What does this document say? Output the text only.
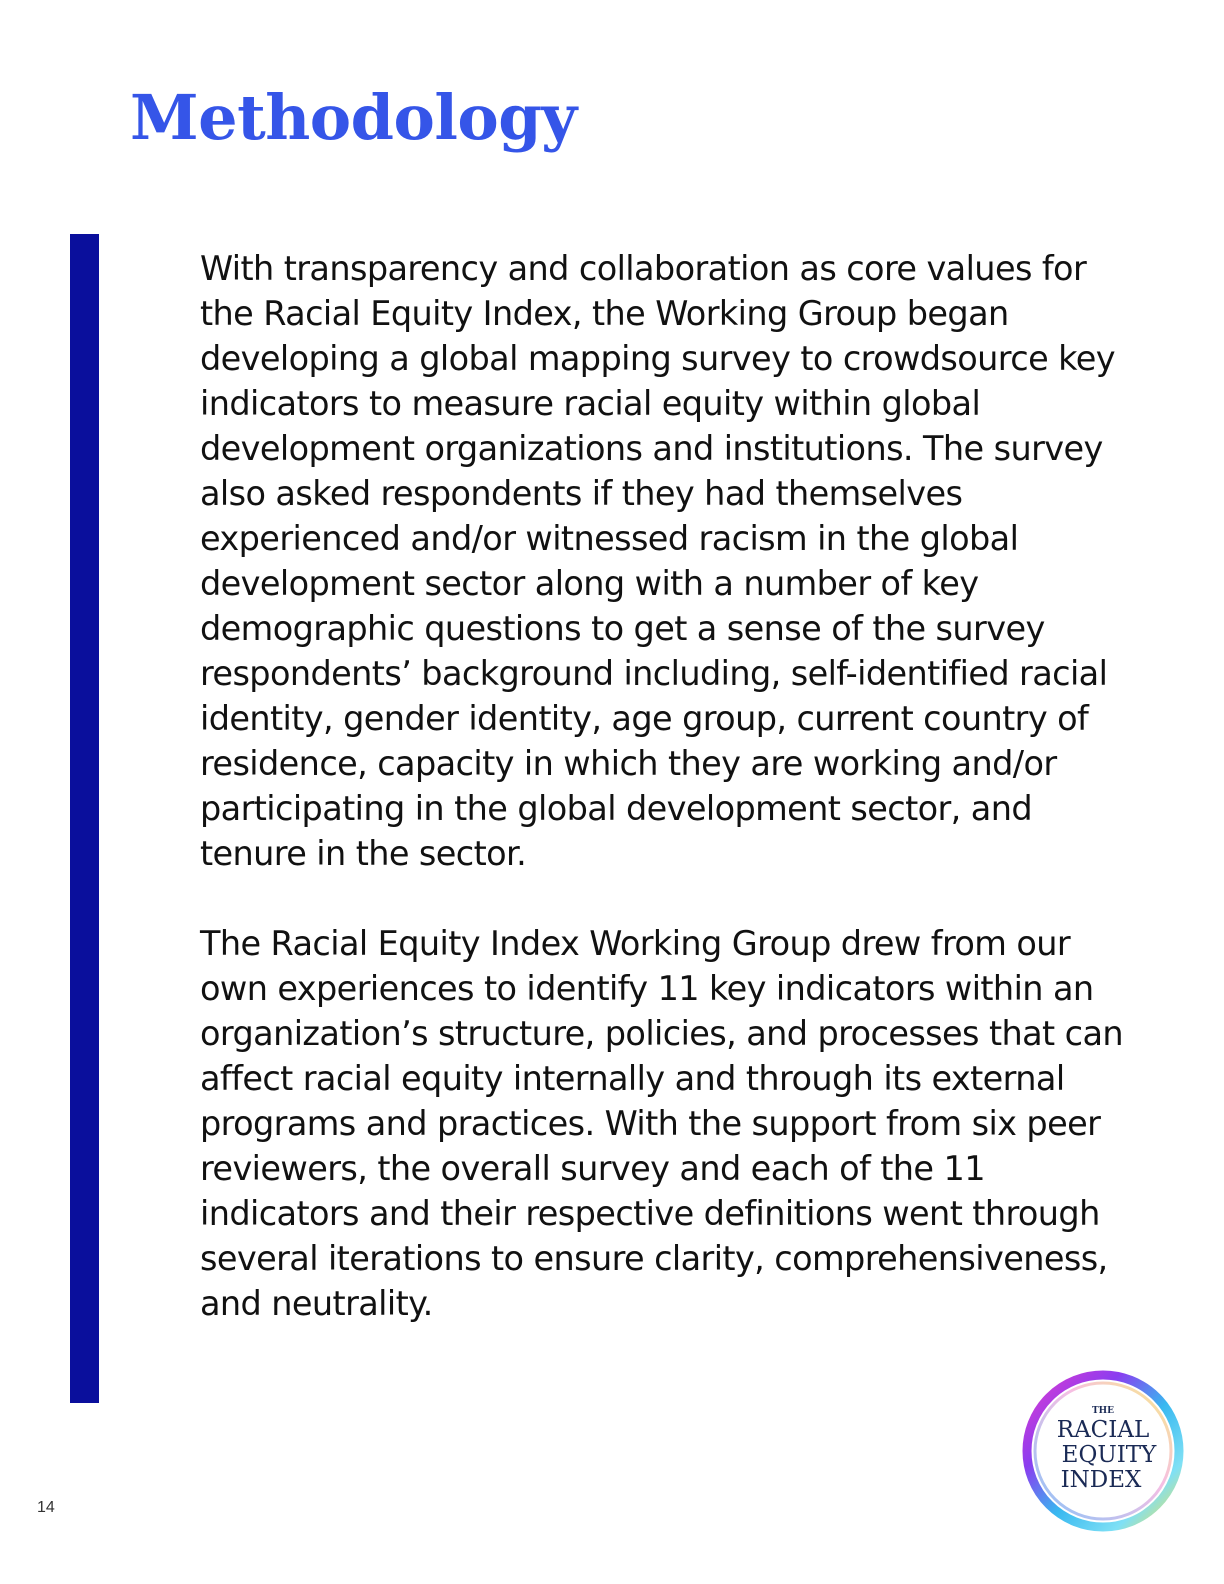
Methodology

With transparency and collaboration as core values for the Racial Equity Index, the Working Group began developing a global mapping survey to crowdsource key indicators to measure racial equity within global development organizations and institutions. The survey also asked respondents if they had themselves experienced and/or witnessed racism in the global development sector along with a number of key demographic questions to get a sense of the survey respondents’ background including, self-identified racial identity, gender identity, age group, current country of residence, capacity in which they are working and/or participating in the global development sector, and tenure in the sector.

The Racial Equity Index Working Group drew from our own experiences to identify 11 key indicators within an organization’s structure, policies, and processes that can affect racial equity internally and through its external programs and practices. With the support from six peer reviewers, the overall survey and each of the 11 indicators and their respective definitions went through several iterations to ensure clarity, comprehensiveness, and neutrality.

14
THE
RACIAL
EQUITY
INDEX
